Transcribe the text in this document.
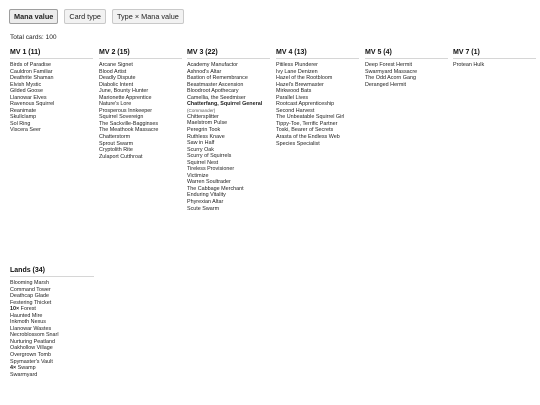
Mana value	Card type	Type × Mana value
Total cards: 100
MV 1 (11)
Birds of Paradise
Cauldron Familiar
Deathrite Shaman
Elvish Mystic
Gilded Goose
Llanowar Elves
Ravenous Squirrel
Reanimate
Skullclamp
Sol Ring
Viscera Seer
MV 2 (15)
Arcane Signet
Blood Artist
Deadly Dispute
Diabolic Intent
June, Bounty Hunter
Marionette Apprentice
Nature's Lore
Prosperous Innkeeper
Squirrel Sovereign
The Sackville-Bagginses
The Meathook Massacre
Chatterstorm
Sprout Swarm
Cryptolith Rite
Zulaport Cutthroat
MV 3 (22)
Academy Manufactor
Ashnod's Altar
Bastion of Remembrance
Beastmaster Ascension
Bloodroot Apothecary
Camellia, the Seedmiser
Chatterfang, Squirrel General (Commander)
Chittersplitter
Maelstrom Pulse
Peregrin Took
Ruthless Knave
Saw in Half
Scurry Oak
Scurry of Squirrels
Squirrel Nest
Tireless Provisioner
Victimize
Warren Soultrader
The Cabbage Merchant
Enduring Vitality
Phyrexian Altar
Scute Swarm
MV 4 (13)
Pitiless Plunderer
Ivy Lane Denizen
Hazel of the Rootbloom
Hazel's Brewmaster
Mirkwood Bats
Parallel Lives
Rootcast Apprenticeship
Second Harvest
The Unbeatable Squirrel Girl
Tippy-Toe, Terrific Partner
Toski, Bearer of Secrets
Arasta of the Endless Web
Species Specialist
MV 5 (4)
Deep Forest Hermit
Swarmyard Massacre
The Odd Acorn Gang
Deranged Hermit
MV 7 (1)
Protean Hulk
Lands (34)
Blooming Marsh
Command Tower
Deathcap Glade
Festering Thicket
10× Forest
Haunted Mire
Inkmoth Nexus
Llanowar Wastes
Necroblossom Snarl
Nurturing Peatland
Oakhollow Village
Overgrown Tomb
Spymaster's Vault
4× Swamp
Swarmyard
